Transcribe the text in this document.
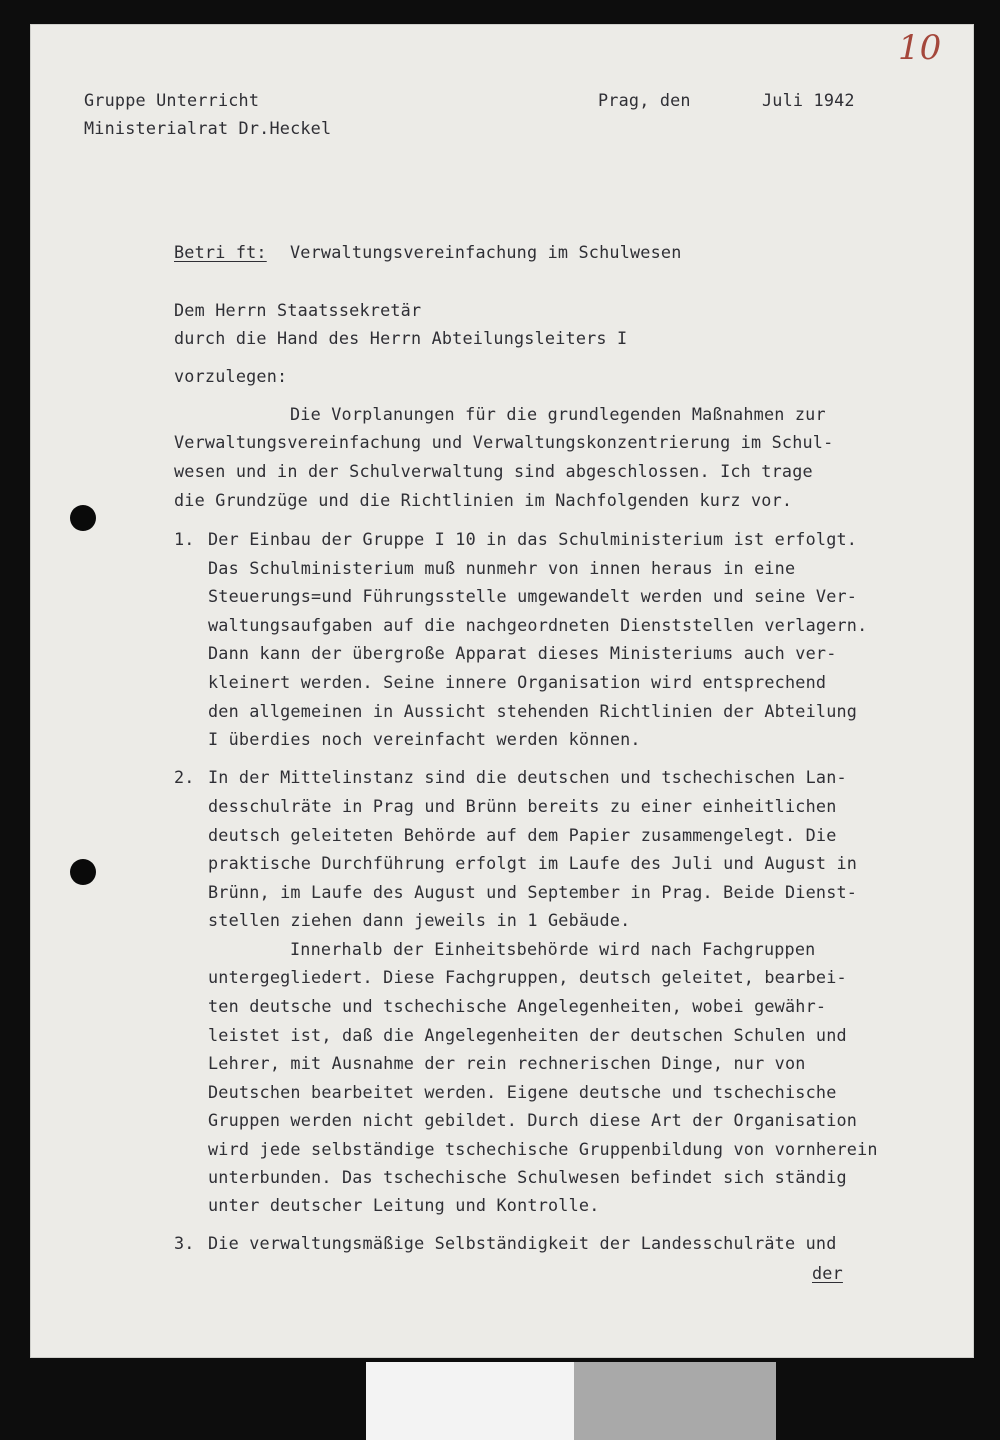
10
Gruppe Unterricht
Ministerialrat Dr.Heckel
Prag, den	Juli 1942
Betri ft: Verwaltungsvereinfachung im Schulwesen
Dem Herrn Staatssekretär
durch die Hand des Herrn Abteilungsleiters I
vorzulegen:
Die Vorplanungen für die grundlegenden Maßnahmen zur
Verwaltungsvereinfachung und Verwaltungskonzentrierung im Schul-
wesen und in der Schulverwaltung sind abgeschlossen. Ich trage
die Grundzüge und die Richtlinien im Nachfolgenden kurz vor.
1. Der Einbau der Gruppe I 10 in das Schulministerium ist erfolgt.
Das Schulministerium muß nunmehr von innen heraus in eine
Steuerungs=und Führungsstelle umgewandelt werden und seine Ver-
waltungsaufgaben auf die nachgeordneten Dienststellen verlagern.
Dann kann der übergroße Apparat dieses Ministeriums auch ver-
kleinert werden. Seine innere Organisation wird entsprechend
den allgemeinen in Aussicht stehenden Richtlinien der Abteilung
I überdies noch vereinfacht werden können.
2. In der Mittelinstanz sind die deutschen und tschechischen Lan-
desschulräte in Prag und Brünn bereits zu einer einheitlichen
deutsch geleiteten Behörde auf dem Papier zusammengelegt. Die
praktische Durchführung erfolgt im Laufe des Juli und August in
Brünn, im Laufe des August und September in Prag. Beide Dienst-
stellen ziehen dann jeweils in 1 Gebäude.
Innerhalb der Einheitsbehörde wird nach Fachgruppen
untergegliedert. Diese Fachgruppen, deutsch geleitet, bearbei-
ten deutsche und tschechische Angelegenheiten, wobei gewähr-
leistet ist, daß die Angelegenheiten der deutschen Schulen und
Lehrer, mit Ausnahme der rein rechnerischen Dinge, nur von
Deutschen bearbeitet werden. Eigene deutsche und tschechische
Gruppen werden nicht gebildet. Durch diese Art der Organisation
wird jede selbständige tschechische Gruppenbildung von vornherein
unterbunden. Das tschechische Schulwesen befindet sich ständig
unter deutscher Leitung und Kontrolle.
3. Die verwaltungsmäßige Selbständigkeit der Landesschulräte und
der
